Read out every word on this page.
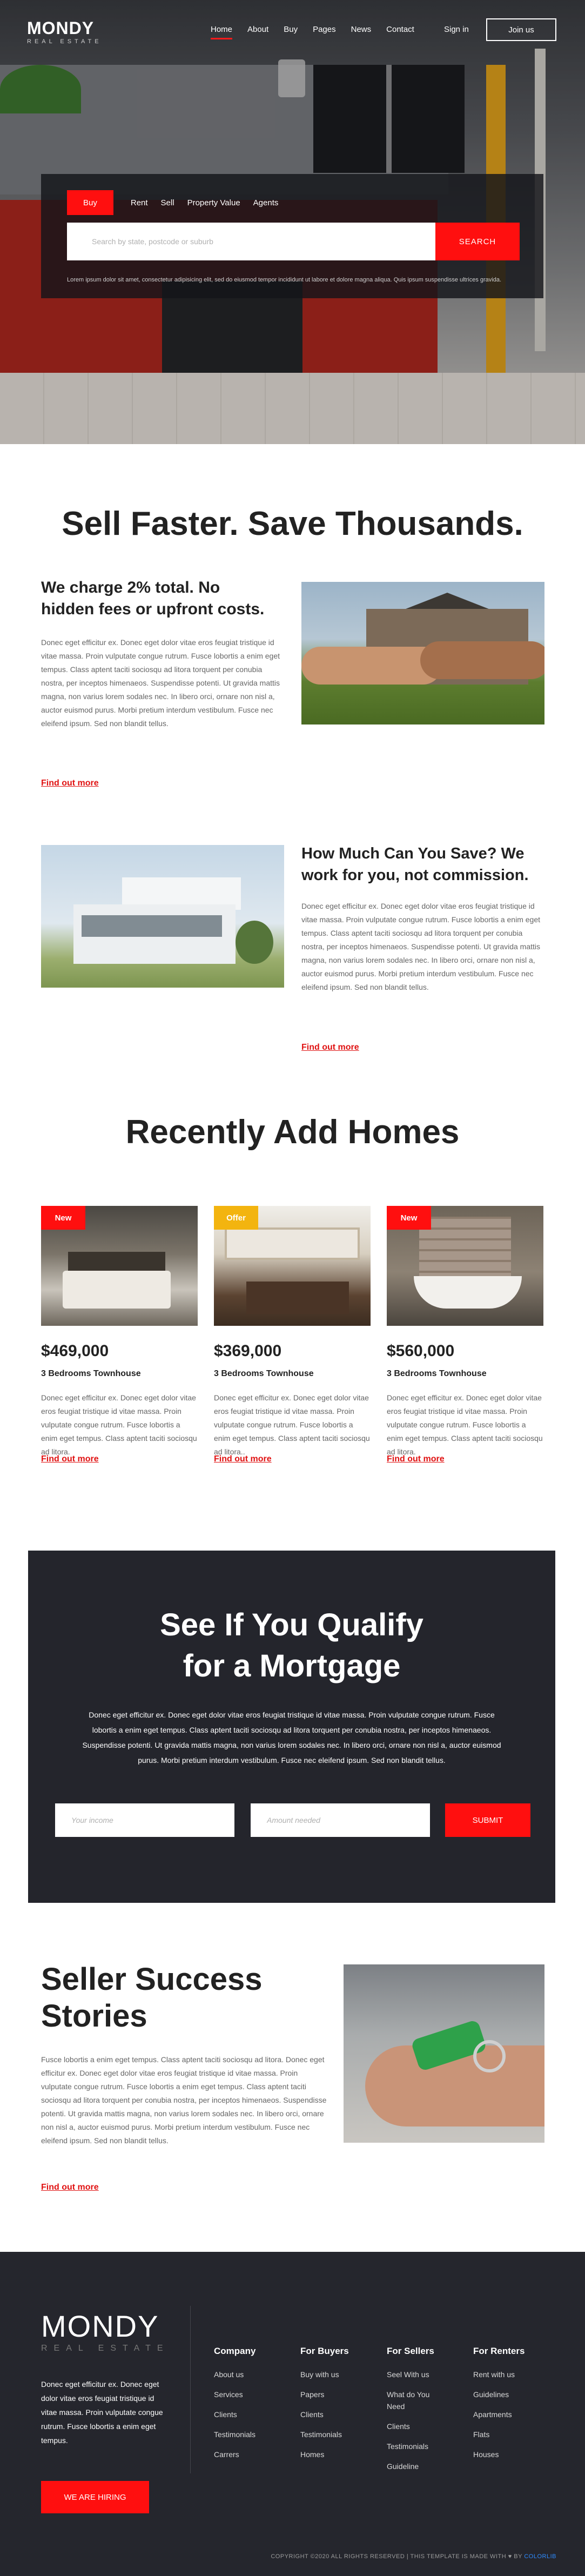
MONDY
REAL ESTATE
Home About Buy Pages News Contact	Sign in	Join us
Buy	Rent	Sell	Property Value	Agents
Search by state, postcode or suburb
SEARCH
Lorem ipsum dolor sit amet, consectetur adipisicing elit, sed do eiusmod tempor incididunt ut labore et dolore magna aliqua. Quis ipsum suspendisse ultrices gravida.
Sell Faster. Save Thousands.
We charge 2% total. No hidden fees or upfront costs.
Donec eget efficitur ex. Donec eget dolor vitae eros feugiat tristique id vitae massa. Proin vulputate congue rutrum. Fusce lobortis a enim eget tempus. Class aptent taciti sociosqu ad litora torquent per conubia nostra, per inceptos himenaeos. Suspendisse potenti. Ut gravida mattis magna, non varius lorem sodales nec. In libero orci, ornare non nisl a, auctor euismod purus. Morbi pretium interdum vestibulum. Fusce nec eleifend ipsum. Sed non blandit tellus.
Find out more
How Much Can You Save? We work for you, not commission.
Donec eget efficitur ex. Donec eget dolor vitae eros feugiat tristique id vitae massa. Proin vulputate congue rutrum. Fusce lobortis a enim eget tempus. Class aptent taciti sociosqu ad litora torquent per conubia nostra, per inceptos himenaeos. Suspendisse potenti. Ut gravida mattis magna, non varius lorem sodales nec. In libero orci, ornare non nisl a, auctor euismod purus. Morbi pretium interdum vestibulum. Fusce nec eleifend ipsum. Sed non blandit tellus.
Find out more
Recently Add Homes
New
$469,000
3 Bedrooms Townhouse
Donec eget efficitur ex. Donec eget dolor vitae eros feugiat tristique id vitae massa. Proin vulputate congue rutrum. Fusce lobortis a enim eget tempus. Class aptent taciti sociosqu ad litora.
Find out more
Offer
$369,000
3 Bedrooms Townhouse
Donec eget efficitur ex. Donec eget dolor vitae eros feugiat tristique id vitae massa. Proin vulputate congue rutrum. Fusce lobortis a enim eget tempus. Class aptent taciti sociosqu ad litora..
Find out more
New
$560,000
3 Bedrooms Townhouse
Donec eget efficitur ex. Donec eget dolor vitae eros feugiat tristique id vitae massa. Proin vulputate congue rutrum. Fusce lobortis a enim eget tempus. Class aptent taciti sociosqu ad litora.
Find out more
See If You Qualify for a Mortgage
Donec eget efficitur ex. Donec eget dolor vitae eros feugiat tristique id vitae massa. Proin vulputate congue rutrum. Fusce lobortis a enim eget tempus. Class aptent taciti sociosqu ad litora torquent per conubia nostra, per inceptos himenaeos. Suspendisse potenti. Ut gravida mattis magna, non varius lorem sodales nec. In libero orci, ornare non nisl a, auctor euismod purus. Morbi pretium interdum vestibulum. Fusce nec eleifend ipsum. Sed non blandit tellus.
Your income
Amount needed
SUBMIT
Seller Success Stories
Fusce lobortis a enim eget tempus. Class aptent taciti sociosqu ad litora. Donec eget efficitur ex. Donec eget dolor vitae eros feugiat tristique id vitae massa. Proin vulputate congue rutrum. Fusce lobortis a enim eget tempus. Class aptent taciti sociosqu ad litora torquent per conubia nostra, per inceptos himenaeos. Suspendisse potenti. Ut gravida mattis magna, non varius lorem sodales nec. In libero orci, ornare non nisl a, auctor euismod purus. Morbi pretium interdum vestibulum. Fusce nec eleifend ipsum. Sed non blandit tellus.
Find out more
MONDY
REAL ESTATE
Donec eget efficitur ex. Donec eget dolor vitae eros feugiat tristique id vitae massa. Proin vulputate congue rutrum. Fusce lobortis a enim eget tempus.
WE ARE HIRING
Company
About us
Services
Clients
Testimonials
Carrers
For Buyers
Buy with us
Papers
Clients
Testimonials
Homes
For Sellers
Seel With us
What do You Need
Clients
Testimonials
Guideline
For Renters
Rent with us
Guidelines
Apartments
Flats
Houses
COPYRIGHT ©2020 ALL RIGHTS RESERVED | THIS TEMPLATE IS MADE WITH ♥ BY COLORLIB
